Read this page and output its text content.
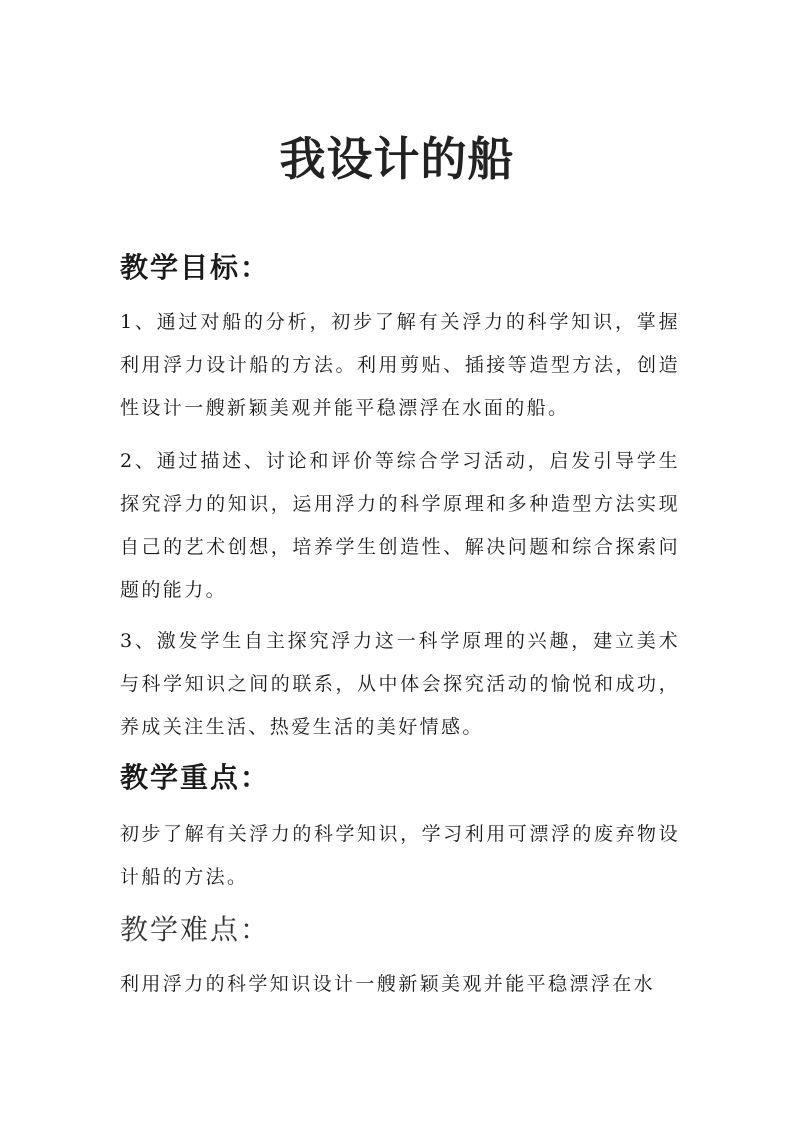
我设计的船
教学目标：

1、通过对船的分析，初步了解有关浮力的科学知识，掌握利用浮力设计船的方法。利用剪贴、插接等造型方法，创造性设计一艘新颖美观并能平稳漂浮在水面的船。

2、通过描述、讨论和评价等综合学习活动，启发引导学生探究浮力的知识，运用浮力的科学原理和多种造型方法实现自己的艺术创想，培养学生创造性、解决问题和综合探索问题的能力。

3、激发学生自主探究浮力这一科学原理的兴趣，建立美术与科学知识之间的联系，从中体会探究活动的愉悦和成功，养成关注生活、热爱生活的美好情感。

教学重点：

初步了解有关浮力的科学知识，学习利用可漂浮的废弃物设计船的方法。

教学难点：

利用浮力的科学知识设计一艘新颖美观并能平稳漂浮在水
